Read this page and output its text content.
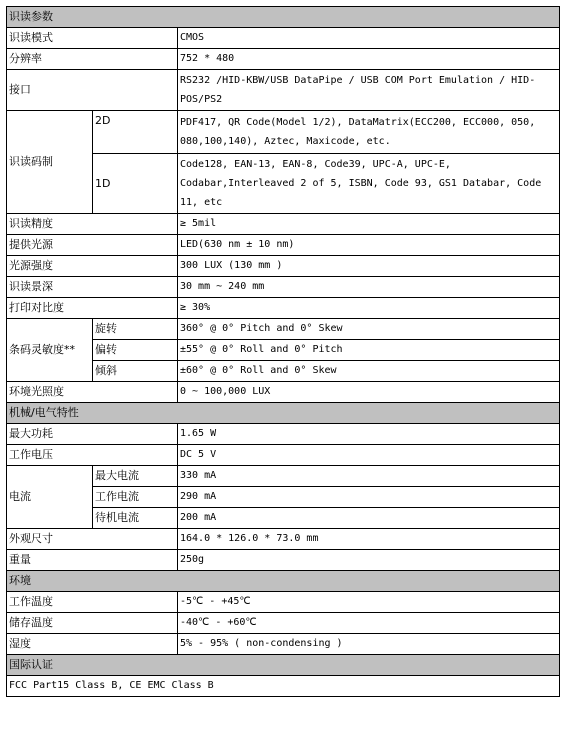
识读参数		
识读模式		CMOS
分辨率		752 * 480
接口		RS232 /HID-KBW/USB DataPipe / USB COM Port Emulation / HID-POS/PS2
识读码制	2D	PDF417, QR Code(Model 1/2), DataMatrix(ECC200, ECC000, 050, 080,100,140), Aztec, Maxicode, etc.
	1D	Code128, EAN-13, EAN-8, Code39, UPC-A, UPC-E, Codabar,Interleaved 2 of 5, ISBN, Code 93, GS1 Databar, Code 11, etc
识读精度		≥ 5mil
提供光源		LED(630 nm ± 10 nm)
光源强度		300 LUX (130 mm )
识读景深		30 mm ~ 240 mm
打印对比度		≥ 30%
条码灵敏度**	旋转	360° @ 0° Pitch and 0° Skew
	偏转	±55° @ 0° Roll and 0° Pitch
	倾斜	±60° @ 0° Roll and 0° Skew
环境光照度		0 ~ 100,000 LUX
机械/电气特性		
最大功耗		1.65 W
工作电压		DC 5 V
电流	最大电流	330 mA
	工作电流	290 mA
	待机电流	200 mA
外观尺寸		164.0 * 126.0 * 73.0 mm
重量		250g
环境		
工作温度		-5℃ - +45℃
储存温度		-40℃ - +60℃
湿度		5% - 95% ( non-condensing )
国际认证		
FCC Part15 Class B, CE EMC Class B		
